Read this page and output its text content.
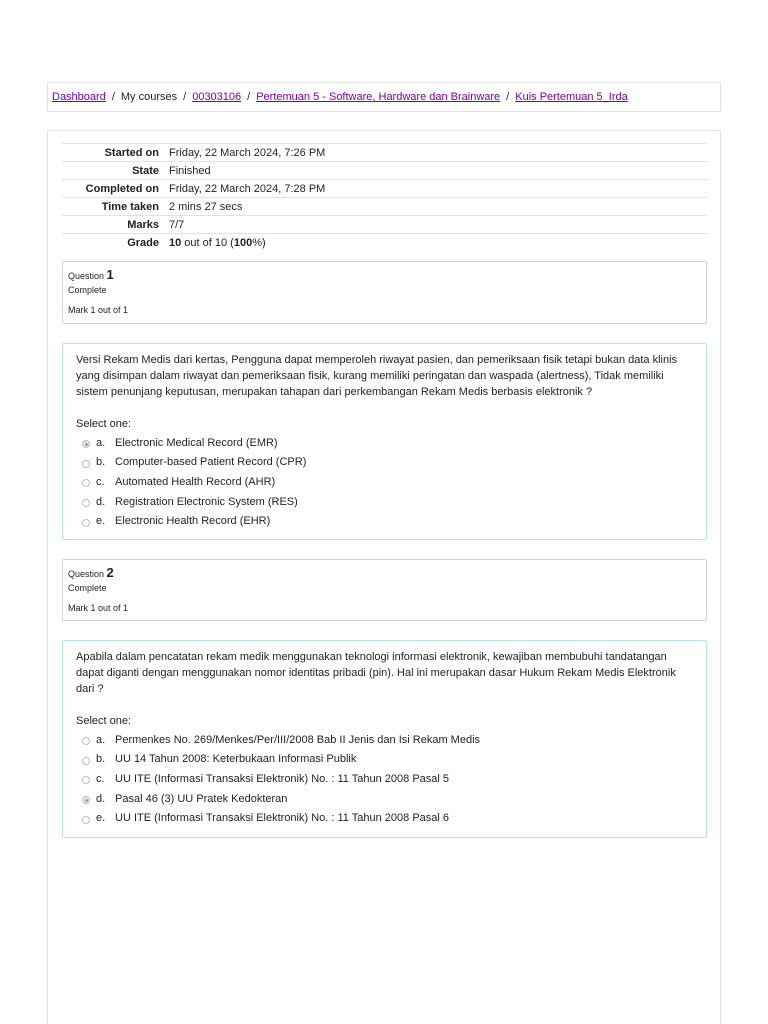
Dashboard / My courses / 00303106 / Pertemuan 5 - Software, Hardware dan Brainware / Kuis Pertemuan 5_Irda
Started on	Friday, 22 March 2024, 7:26 PM
State	Finished
Completed on	Friday, 22 March 2024, 7:28 PM
Time taken	2 mins 27 secs
Marks	7/7
Grade	10 out of 10 (100%)
Question 1
Complete
Mark 1 out of 1

Versi Rekam Medis dari kertas, Pengguna dapat memperoleh riwayat pasien, dan pemeriksaan fisik tetapi bukan data klinis yang disimpan dalam riwayat dan pemeriksaan fisik, kurang memiliki peringatan dan waspada (alertness), Tidak memiliki sistem penunjang keputusan, merupakan tahapan dari perkembangan Rekam Medis berbasis elektronik ?

Select one:
a. Electronic Medical Record (EMR)
b. Computer-based Patient Record (CPR)
c. Automated Health Record (AHR)
d. Registration Electronic System (RES)
e. Electronic Health Record (EHR)
Question 2
Complete
Mark 1 out of 1

Apabila dalam pencatatan rekam medik menggunakan teknologi informasi elektronik, kewajiban membubuhi tandatangan dapat diganti dengan menggunakan nomor identitas pribadi (pin). Hal ini merupakan dasar Hukum Rekam Medis Elektronik dari ?

Select one:
a. Permenkes No. 269/Menkes/Per/III/2008 Bab II Jenis dan Isi Rekam Medis
b. UU 14 Tahun 2008: Keterbukaan Informasi Publik
c. UU ITE (Informasi Transaksi Elektronik) No. : 11 Tahun 2008 Pasal 5
d. Pasal 46 (3) UU Pratek Kedokteran
e. UU ITE (Informasi Transaksi Elektronik) No. : 11 Tahun 2008 Pasal 6
